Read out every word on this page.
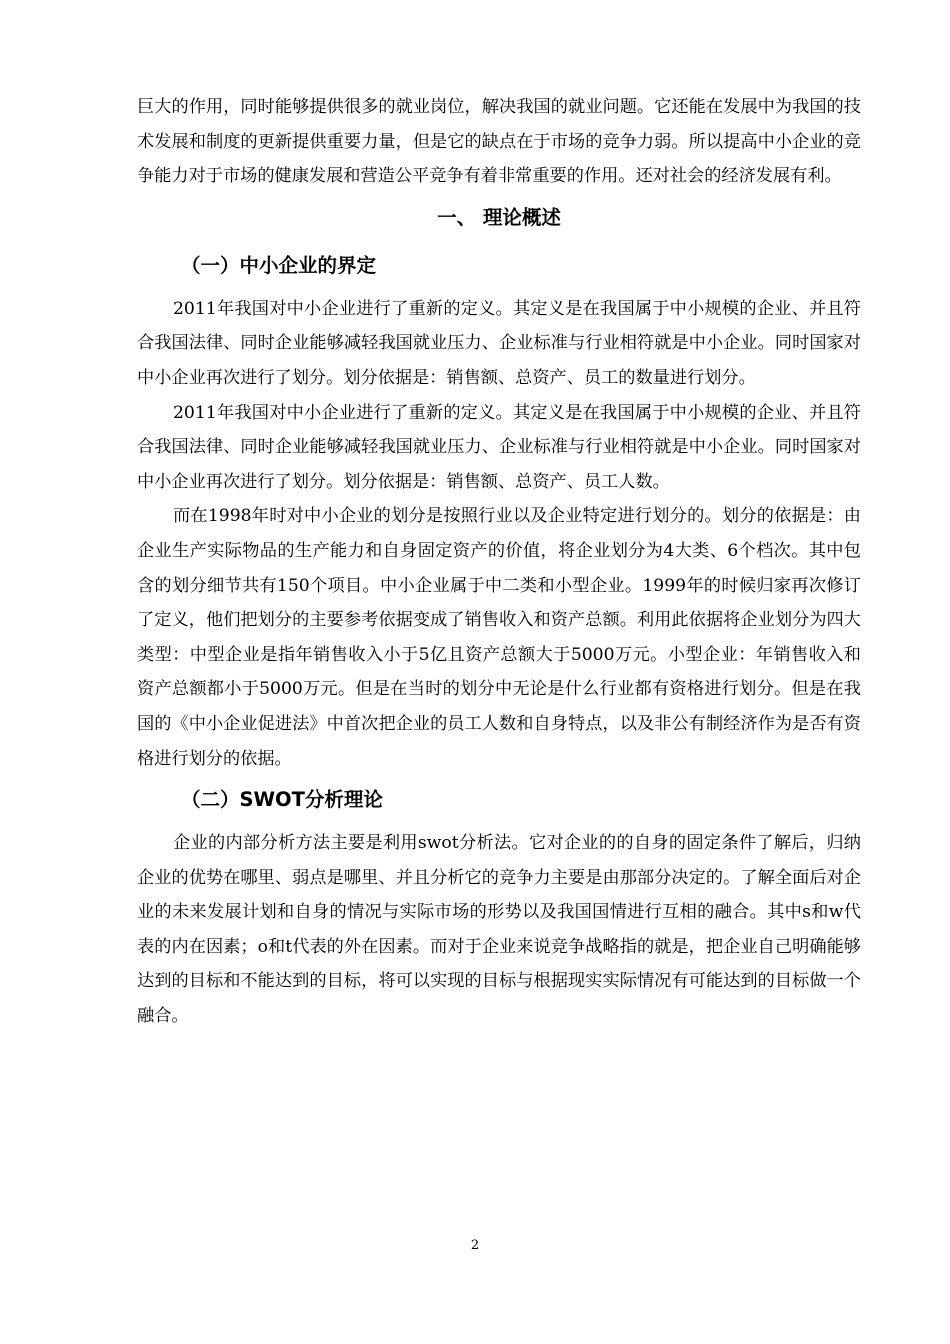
巨大的作用，同时能够提供很多的就业岗位，解决我国的就业问题。它还能在发展中为我国的技术发展和制度的更新提供重要力量，但是它的缺点在于市场的竞争力弱。所以提高中小企业的竞争能力对于市场的健康发展和营造公平竞争有着非常重要的作用。还对社会的经济发展有利。

一、 理论概述
（一）中小企业的界定

2011年我国对中小企业进行了重新的定义。其定义是在我国属于中小规模的企业、并且符合我国法律、同时企业能够减轻我国就业压力、企业标准与行业相符就是中小企业。同时国家对中小企业再次进行了划分。划分依据是：销售额、总资产、员工的数量进行划分。

2011年我国对中小企业进行了重新的定义。其定义是在我国属于中小规模的企业、并且符合我国法律、同时企业能够减轻我国就业压力、企业标准与行业相符就是中小企业。同时国家对中小企业再次进行了划分。划分依据是：销售额、总资产、员工人数。

而在1998年时对中小企业的划分是按照行业以及企业特定进行划分的。划分的依据是：由企业生产实际物品的生产能力和自身固定资产的价值，将企业划分为4大类、6个档次。其中包含的划分细节共有150个项目。中小企业属于中二类和小型企业。1999年的时候归家再次修订了定义，他们把划分的主要参考依据变成了销售收入和资产总额。利用此依据将企业划分为四大类型：中型企业是指年销售收入小于5亿且资产总额大于5000万元。小型企业：年销售收入和资产总额都小于5000万元。但是在当时的划分中无论是什么行业都有资格进行划分。但是在我国的《中小企业促进法》中首次把企业的员工人数和自身特点，以及非公有制经济作为是否有资格进行划分的依据。

（二）SWOT分析理论

企业的内部分析方法主要是利用swot分析法。它对企业的的自身的固定条件了解后，归纳企业的优势在哪里、弱点是哪里、并且分析它的竞争力主要是由那部分决定的。了解全面后对企业的未来发展计划和自身的情况与实际市场的形势以及我国国情进行互相的融合。其中s和w代表的内在因素；o和t代表的外在因素。而对于企业来说竞争战略指的就是，把企业自己明确能够达到的目标和不能达到的目标，将可以实现的目标与根据现实实际情况有可能达到的目标做一个融合。

2
